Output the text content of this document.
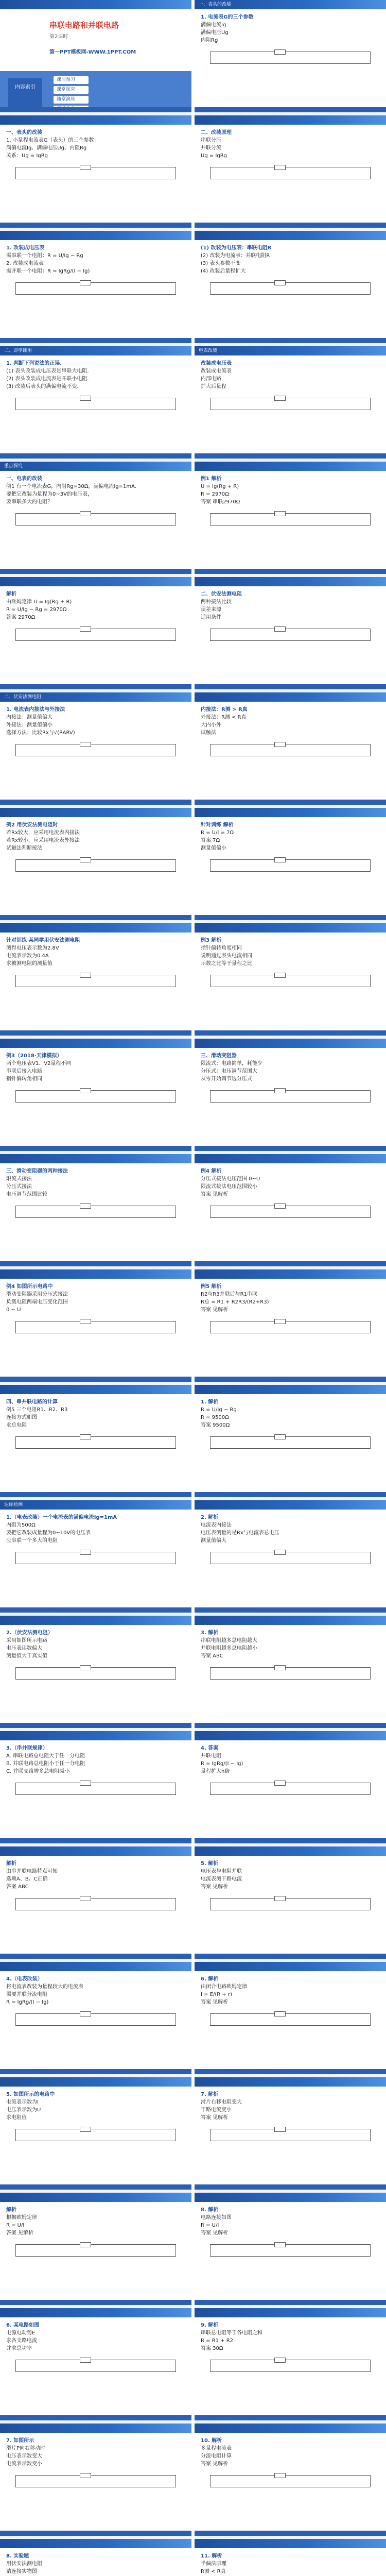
串联电路和并联电路
第2课时
第一PPT模板网-WWW.1PPT.COM
内容索引
课前预习
课堂探究
随堂演练
一、表头的改装
1. 小量程电流表G（表头）的三个参数：
满偏电流Ig、满偏电压Ug、内阻Rg
关系：Ug = IgRg
1. 改装成电压表
需串联一个电阻：R = U/Ig − Rg
2. 改装成电流表
需并联一个电阻：R = IgRg/(I − Ig)
二、即学即用
1. 判断下列说法的正误.
(1) 表头改装成电压表是串联大电阻.
(2) 表头改装成电流表是并联小电阻.
(3) 改装后表头的满偏电流不变.
重点探究
一、电表的改装
例1 有一个电流表G，内阻Rg=30Ω，满偏电流Ig=1mA.
要把它改装为量程为0~3V的电压表，
要串联多大的电阻？
解析
由欧姆定律 U = Ig(Rg + R)
R = U/Ig − Rg = 2970Ω
答案 2970Ω
二、伏安法测电阻
1. 电流表内接法与外接法
内接法：测量值偏大
外接法：测量值偏小
选择方法：比较Rx与√(RARV)
例2 用伏安法测电阻时
若Rx较大，应采用电流表内接法
若Rx较小，应采用电流表外接法
试触法判断接法
针对训练 某同学用伏安法测电阻
测得电压表示数为2.8V
电流表示数为0.4A
求被测电阻的测量值
例3（2018·天津模拟）
两个电压表V1、V2量程不同
串联后接入电路
指针偏转角相同
三、滑动变阻器的两种接法
限流式接法
分压式接法
电压调节范围比较
例4 如图所示电路中
滑动变阻器采用分压式接法
负载电阻两端电压变化范围
0 ~ U
四、串并联电路的计算
例5 三个电阻R1、R2、R3
连接方式如图
求总电阻
达标检测
1.（电表改装）一个电流表的满偏电流Ig=1mA
内阻为500Ω
要把它改装成量程为0~10V的电压表
应串联一个多大的电阻
2.（伏安法测电阻）
采用如图所示电路
电压表读数偏大
测量值大于真实值
3.（串并联规律）
A. 串联电路总电阻大于任一分电阻
B. 并联电路总电阻小于任一分电阻
C. 并联支路增多总电阻减小
解析
由串并联电路特点可知
选项A、B、C正确
答案 ABC
4.（电表改装）
将电流表改装为量程较大的电流表
需要并联分流电阻
R = IgRg/(I − Ig)
5. 如图所示的电路中
电流表示数为I
电压表示数为U
求电阻值
解析
根据欧姆定律
R = U/I
答案 见解析
6. 某电路如图
电源电动势E
求各支路电流
并求总功率
7. 如图所示
滑片P向右移动时
电压表示数变大
电流表示数变小
8. 实验题
用伏安法测电阻
请连接实物图
一、表头的改装
1. 电流表G的三个参数
满偏电流Ig
满偏电压Ug
内阻Rg
二、改装原理
串联分压
并联分流
Ug = IgRg
(1) 改装为电压表：串联电阻R
(2) 改装为电流表：并联电阻R
(3) 表头参数不变
(4) 改装后量程扩大
电表改装
改装成电压表
改装成电流表
内部电路
扩大后量程
例1 解析
U = Ig(Rg + R)
R = 2970Ω
答案 串联2970Ω
二、伏安法测电阻
两种接法比较
误差来源
适用条件
内接法：R测 > R真
外接法：R测 < R真
大内小外
试触法
针对训练 解析
R = U/I = 7Ω
答案 7Ω
测量值偏小
例3 解析
指针偏转角度相同
说明通过表头电流相同
示数之比等于量程之比
三、滑动变阻器
限流式：电路简单，耗能少
分压式：电压调节范围大
从零开始调节选分压式
例4 解析
分压式接法电压范围 0~U
限流式接法电压范围较小
答案 见解析
例5 解析
R2与R3并联后与R1串联
R总 = R1 + R2R3/(R2+R3)
答案 见解析
1. 解析
R = U/Ig − Rg
R = 9500Ω
答案 9500Ω
2. 解析
电流表内接法
电压表测量的是Rx与电流表总电压
测量值偏大
3. 解析
串联电阻越多总电阻越大
并联电阻越多总电阻越小
答案 ABC
4. 答案
并联电阻
R = IgRg/(I − Ig)
量程扩大n倍
5. 解析
电压表与电阻并联
电流表测干路电流
答案 见解析
6. 解析
由闭合电路欧姆定律
I = E/(R + r)
答案 见解析
7. 解析
滑片右移电阻变大
干路电流变小
答案 见解析
8. 解析
电路连接如图
R = U/I
答案 见解析
9. 解析
串联总电阻等于各电阻之和
R = R1 + R2
答案 30Ω
10. 解析
多量程电流表
分流电阻计算
答案 见解析
11. 解析
半偏法原理
R测 < R真
